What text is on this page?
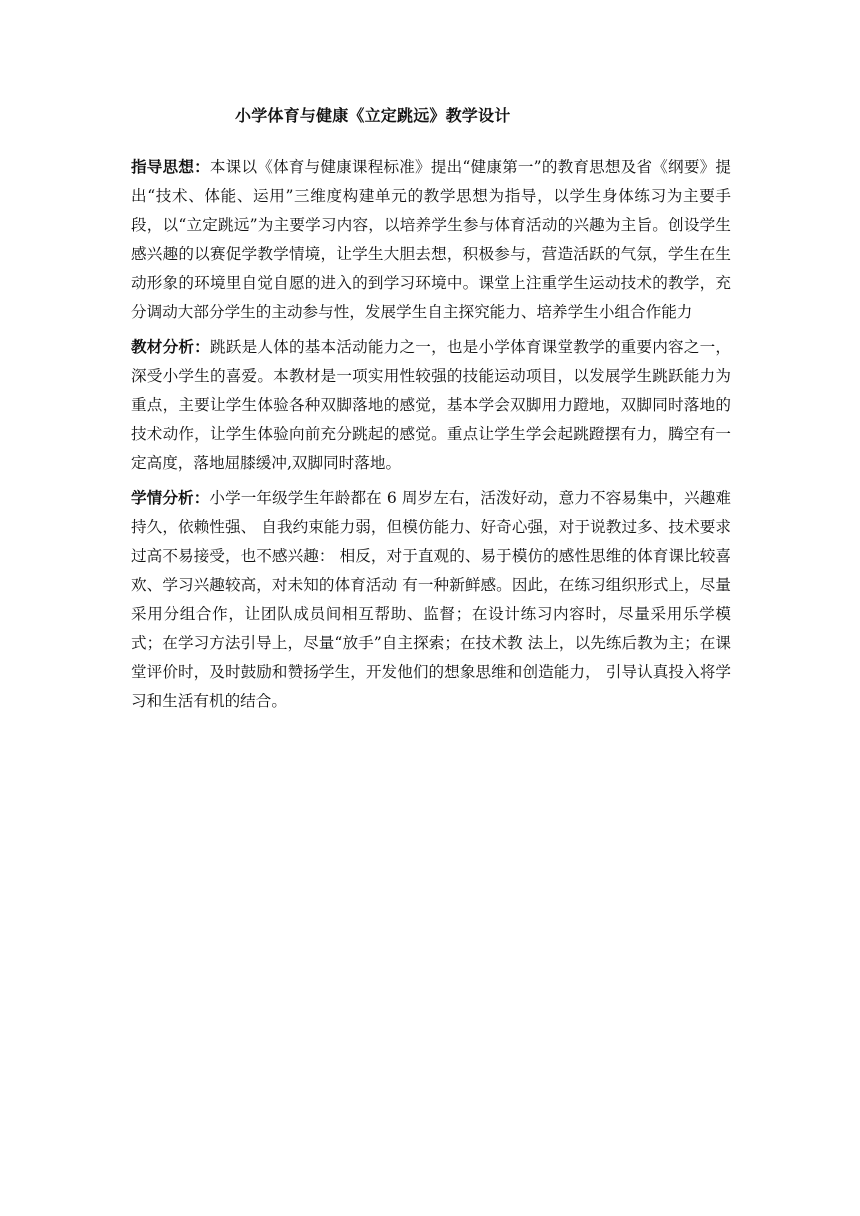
小学体育与健康《立定跳远》教学设计

指导思想：本课以《体育与健康课程标准》提出“健康第一”的教育思想及省《纲要》提出“技术、体能、运用”三维度构建单元的教学思想为指导，以学生身体练习为主要手段，以“立定跳远”为主要学习内容，以培养学生参与体育活动的兴趣为主旨。创设学生感兴趣的以赛促学教学情境，让学生大胆去想，积极参与，营造活跃的气氛，学生在生动形象的环境里自觉自愿的进入的到学习环境中。课堂上注重学生运动技术的教学，充分调动大部分学生的主动参与性，发展学生自主探究能力、培养学生小组合作能力

教材分析：跳跃是人体的基本活动能力之一，也是小学体育课堂教学的重要内容之一，深受小学生的喜爱。本教材是一项实用性较强的技能运动项目，以发展学生跳跃能力为重点，主要让学生体验各种双脚落地的感觉，基本学会双脚用力蹬地，双脚同时落地的技术动作，让学生体验向前充分跳起的感觉。重点让学生学会起跳蹬摆有力，腾空有一定高度，落地屈膝缓冲,双脚同时落地。

学情分析：小学一年级学生年龄都在 6 周岁左右，活泼好动，意力不容易集中，兴趣难持久，依赖性强、 自我约束能力弱，但模仿能力、好奇心强，对于说教过多、技术要求过高不易接受，也不感兴趣： 相反，对于直观的、易于模仿的感性思维的体育课比较喜欢、学习兴趣较高，对未知的体育活动 有一种新鲜感。因此，在练习组织形式上，尽量采用分组合作，让团队成员间相互帮助、监督；在设计练习内容时，尽量采用乐学模式；在学习方法引导上，尽量“放手”自主探索；在技术教 法上，以先练后教为主；在课堂评价时，及时鼓励和赞扬学生，开发他们的想象思维和创造能力， 引导认真投入将学习和生活有机的结合。
